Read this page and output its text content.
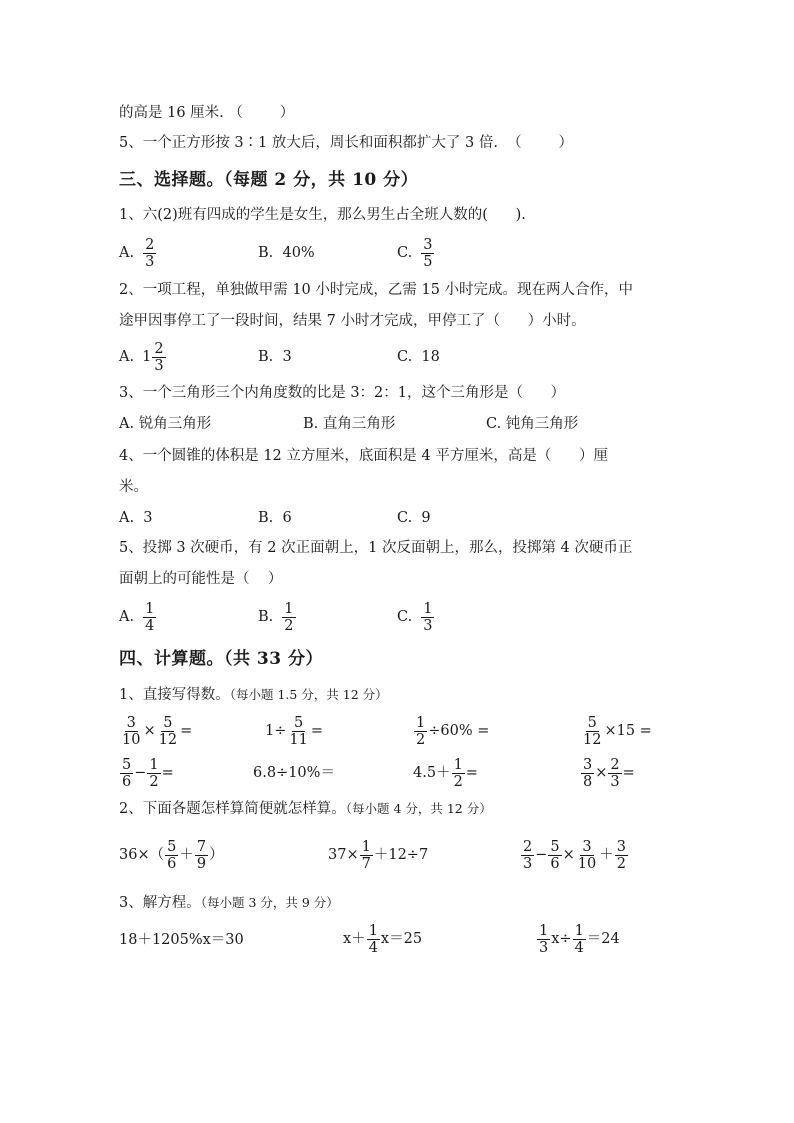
的高是 16 厘米. （        ）
5、一个正方形按 3∶1 放大后，周长和面积都扩大了 3 倍.  （        ）
三、选择题。（每题 2 分，共 10 分）
1、六(2)班有四成的学生是女生，那么男生占全班人数的(      ).
A. $\frac{2}{3}$	B.  40%	C. $\frac{3}{5}$
2、一项工程，单独做甲需 10 小时完成，乙需 15 小时完成。现在两人合作，中
途甲因事停工了一段时间，结果 7 小时才完成，甲停工了（      ）小时。
A. $1 \frac{2}{3}$	B.  3	C.  18
3、一个三角形三个内角度数的比是 3：2：1，这个三角形是（      ）
A. 锐角三角形	B. 直角三角形	C. 钝角三角形
4、一个圆锥的体积是 12 立方厘米，底面积是 4 平方厘米，高是（      ）厘
米。
A.  3	B.  6	C.  9
5、投掷 3 次硬币，有 2 次正面朝上，1 次反面朝上，那么，投掷第 4 次硬币正
面朝上的可能性是（    ）
A. $\frac{1}{4}$	B. $\frac{1}{2}$	C. $\frac{1}{3}$
四、计算题。（共 33 分）
1、直接写得数。（每小题 1.5 分，共 12 分）
$\frac{3}{10} \times \frac{5}{12}$ =	$1\div \frac{5}{11}$ =	$\frac{1}{2} \div 60\%$ =	$\frac{5}{12} \times 15$ =
$\frac{5}{6} - \frac{1}{2}$ =	6.8÷10%＝	$4.5+ \frac{1}{2}$ =	$\frac{3}{8} \times \frac{2}{3}$ =
2、下面各题怎样算简便就怎样算。（每小题 4 分，共 12 分）
$36\times( \frac{5}{6} + \frac{7}{9}$ ）	$37\times \frac{1}{7} +12\div 7$	$\frac{2}{3} - \frac{5}{6} \times \frac{3}{10} + \frac{3}{2}$
3、解方程。（每小题 3 分，共 9 分）
18＋1205%x＝30	$x+ \frac{1}{4} x=25$	$\frac{1}{3} x\div \frac{1}{4} =24$
